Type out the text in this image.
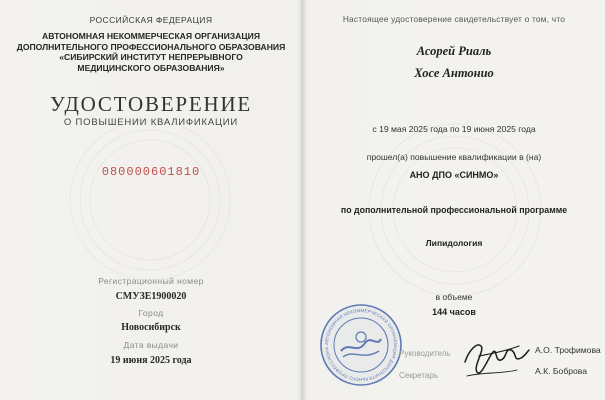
РОССИЙСКАЯ ФЕДЕРАЦИЯ
АВТОНОМНАЯ НЕКОММЕРЧЕСКАЯ ОРГАНИЗАЦИЯ
ДОПОЛНИТЕЛЬНОГО ПРОФЕССИОНАЛЬНОГО ОБРАЗОВАНИЯ
«СИБИРСКИЙ ИНСТИТУТ НЕПРЕРЫВНОГО
МЕДИЦИНСКОГО ОБРАЗОВАНИЯ»
УДОСТОВЕРЕНИЕ
О ПОВЫШЕНИИ КВАЛИФИКАЦИИ
080000601810
Регистрационный номер
СМУЗЕ1900020
Город
Новосибирск
Дата выдачи
19 июня 2025 года
Настоящее удостоверение свидетельствует о том, что
Асорей Риаль
Хосе Антонио
с 19 мая 2025 года по 19 июня 2025 года
прошел(а) повышение квалификации в (на)
АНО ДПО «СИНМО»
по дополнительной профессиональной программе
Липидология
в объеме
144 часов
АВТОНОМНАЯ НЕКОММЕРЧЕСКАЯ ОРГАНИЗАЦИЯ ДОПОЛНИТЕЛЬНОГО ПРОФЕССИОНА
Руководитель
Секретарь
А.О. Трофимова
А.К. Боброва
